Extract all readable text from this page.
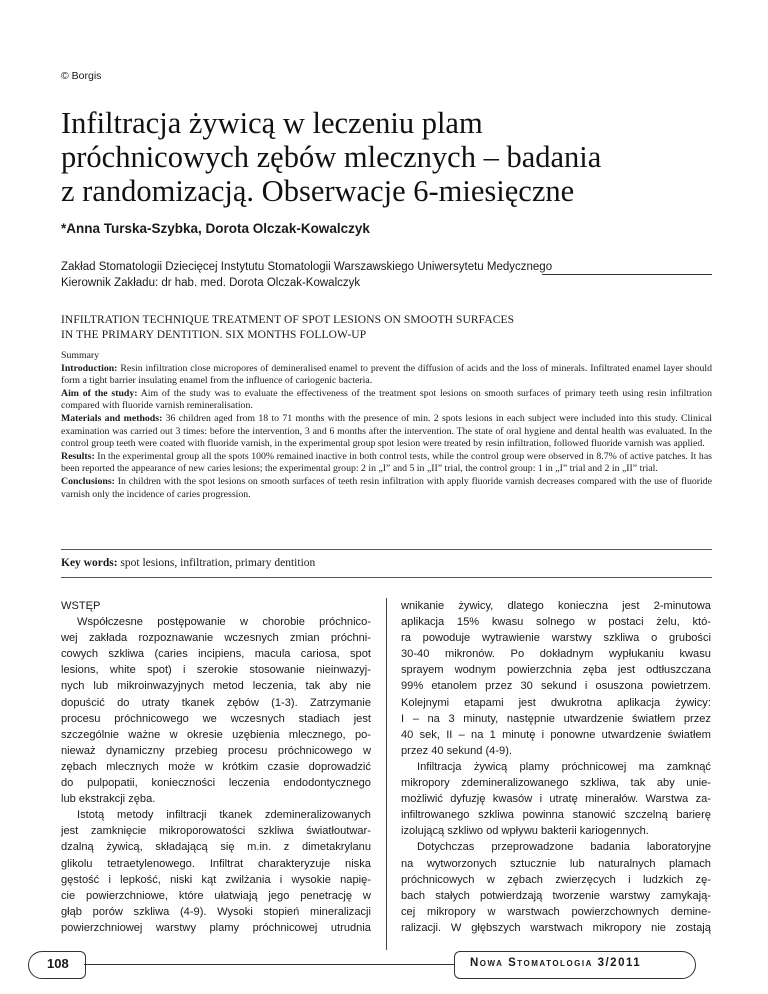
© Borgis
Infiltracja żywicą w leczeniu plam
próchnicowych zębów mlecznych – badania
z randomizacją. Obserwacje 6-miesięczne
*Anna Turska-Szybka, Dorota Olczak-Kowalczyk
Zakład Stomatologii Dziecięcej Instytutu Stomatologii Warszawskiego Uniwersytetu Medycznego
Kierownik Zakładu: dr hab. med. Dorota Olczak-Kowalczyk
INFILTRATION TECHNIQUE TREATMENT OF SPOT LESIONS ON SMOOTH SURFACES
IN THE PRIMARY DENTITION. SIX MONTHS FOLLOW-UP

Summary

Introduction: Resin infiltration close micropores of demineralised enamel to prevent the diffusion of acids and the loss of minerals. Infiltrated enamel layer should form a tight barrier insulating enamel from the influence of cariogenic bacteria.

Aim of the study: Aim of the study was to evaluate the effectiveness of the treatment spot lesions on smooth surfaces of primary teeth using resin infiltration compared with fluoride varnish remineralisation.

Materials and methods: 36 children aged from 18 to 71 months with the presence of min. 2 spots lesions in each subject were included into this study. Clinical examination was carried out 3 times: before the intervention, 3 and 6 months after the intervention. The state of oral hygiene and dental health was evaluated. In the control group teeth were coated with fluoride varnish, in the experimental group spot lesion were treated by resin infiltration, followed fluoride varnish was applied.

Results: In the experimental group all the spots 100% remained inactive in both control tests, while the control group were observed in 8.7% of active patches. It has been reported the appearance of new caries lesions; the experimental group: 2 in „I” and 5 in „II” trial, the control group: 1 in „I” trial and 2 in „II” trial.

Conclusions: In children with the spot lesions on smooth surfaces of teeth resin infiltration with apply fluoride varnish decreases compared with the use of fluoride varnish only the incidence of caries progression.

Key words: spot lesions, infiltration, primary dentition
WSTĘP
Współczesne postępowanie w chorobie próchnico-
wej zakłada rozpoznawanie wczesnych zmian próchni-
cowych szkliwa (caries incipiens, macula cariosa, spot
lesions, white spot) i szerokie stosowanie nieinwazyj-
nych lub mikroinwazyjnych metod leczenia, tak aby nie
dopuścić do utraty tkanek zębów (1-3). Zatrzymanie
procesu próchnicowego we wczesnych stadiach jest
szczególnie ważne w okresie uzębienia mlecznego, po-
nieważ dynamiczny przebieg procesu próchnicowego w
zębach mlecznych może w krótkim czasie doprowadzić
do pulpopatii, konieczności leczenia endodontycznego
lub ekstrakcji zęba.
Istotą metody infiltracji tkanek zdemineralizowanych
jest zamknięcie mikroporowatości szkliwa światłoutwar-
dzalną żywicą, składającą się m.in. z dimetakrylanu
glikolu tetraetylenowego. Infiltrat charakteryzuje niska
gęstość i lepkość, niski kąt zwilżania i wysokie napię-
cie powierzchniowe, które ułatwiają jego penetrację w
głąb porów szkliwa (4-9). Wysoki stopień mineralizacji
powierzchniowej warstwy plamy próchnicowej utrudnia
wnikanie żywicy, dlatego konieczna jest 2-minutowa
aplikacja 15% kwasu solnego w postaci żelu, któ-
ra powoduje wytrawienie warstwy szkliwa o grubości
30-40 mikronów. Po dokładnym wypłukaniu kwasu
sprayem wodnym powierzchnia zęba jest odtłuszczana
99% etanolem przez 30 sekund i osuszona powietrzem.
Kolejnymi etapami jest dwukrotna aplikacja żywicy:
I – na 3 minuty, następnie utwardzenie światłem przez
40 sek, II – na 1 minutę i ponowne utwardzenie światłem
przez 40 sekund (4-9).
Infiltracja żywicą plamy próchnicowej ma zamknąć
mikropory zdemineralizowanego szkliwa, tak aby unie-
możliwić dyfuzję kwasów i utratę minerałów. Warstwa za-
infiltrowanego szkliwa powinna stanowić szczelną barierę
izolującą szkliwo od wpływu bakterii kariogennych.
Dotychczas przeprowadzone badania laboratoryjne
na wytworzonych sztucznie lub naturalnych plamach
próchnicowych w zębach zwierzęcych i ludzkich zę-
bach stałych potwierdzają tworzenie warstwy zamykają-
cej mikropory w warstwach powierzchownych demine-
ralizacji. W głębszych warstwach mikropory nie zostają
108	Nowa Stomatologia 3/2011
